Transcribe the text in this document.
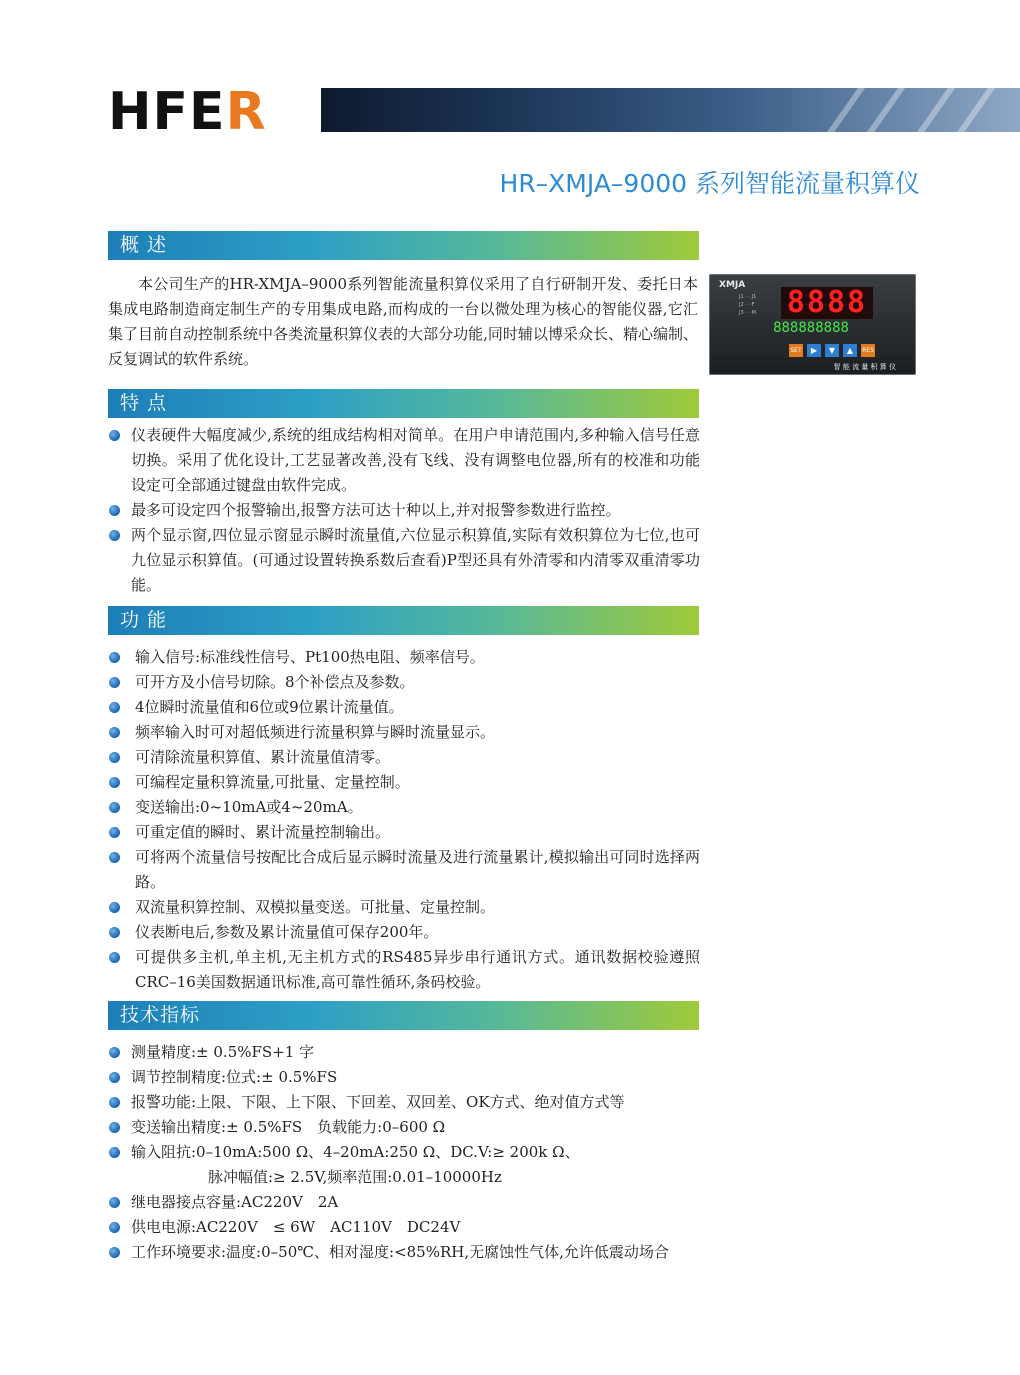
HFER
HR–XMJA–9000 系列智能流量积算仪
概 述
本公司生产的HR-XMJA–9000系列智能流量积算仪采用了自行研制开发、委托日本集成电路制造商定制生产的专用集成电路,而构成的一台以微处理为核心的智能仪器,它汇集了目前自动控制系统中各类流量积算仪表的大部分功能,同时辅以博采众长、精心编制、反复调试的软件系统。
XMJA
J1 · · J1
J2 · · F
J3 · · M	8888
888888888
SET	▶	▼	▲	RES
智 能 流 量 积 算 仪
特 点
仪表硬件大幅度减少,系统的组成结构相对简单。在用户申请范围内,多种输入信号任意切换。采用了优化设计,工艺显著改善,没有飞线、没有调整电位器,所有的校准和功能设定可全部通过键盘由软件完成。
最多可设定四个报警输出,报警方法可达十种以上,并对报警参数进行监控。
两个显示窗,四位显示窗显示瞬时流量值,六位显示积算值,实际有效积算位为七位,也可九位显示积算值。(可通过设置转换系数后查看)P型还具有外清零和内清零双重清零功能。
功 能
输入信号:标准线性信号、Pt100热电阻、频率信号。
可开方及小信号切除。8个补偿点及参数。
4位瞬时流量值和6位或9位累计流量值。
频率输入时可对超低频进行流量积算与瞬时流量显示。
可清除流量积算值、累计流量值清零。
可编程定量积算流量,可批量、定量控制。
变送输出:0~10mA或4~20mA。
可重定值的瞬时、累计流量控制输出。
可将两个流量信号按配比合成后显示瞬时流量及进行流量累计,模拟输出可同时选择两路。
双流量积算控制、双模拟量变送。可批量、定量控制。
仪表断电后,参数及累计流量值可保存200年。
可提供多主机,单主机,无主机方式的RS485异步串行通讯方式。通讯数据校验遵照CRC–16美国数据通讯标准,高可靠性循环,条码校验。
技术指标
测量精度:± 0.5%FS+1 字
调节控制精度:位式:± 0.5%FS
报警功能:上限、下限、上下限、下回差、双回差、OK方式、绝对值方式等
变送输出精度:± 0.5%FS　负载能力:0–600 Ω
输入阻抗:0–10mA:500 Ω、4–20mA:250 Ω、DC.V:≥ 200k Ω、
脉冲幅值:≥ 2.5V,频率范围:0.01–10000Hz
继电器接点容量:AC220V　2A
供电电源:AC220V　≤ 6W　AC110V　DC24V
工作环境要求:温度:0–50℃、相对湿度:<85%RH,无腐蚀性气体,允许低震动场合
